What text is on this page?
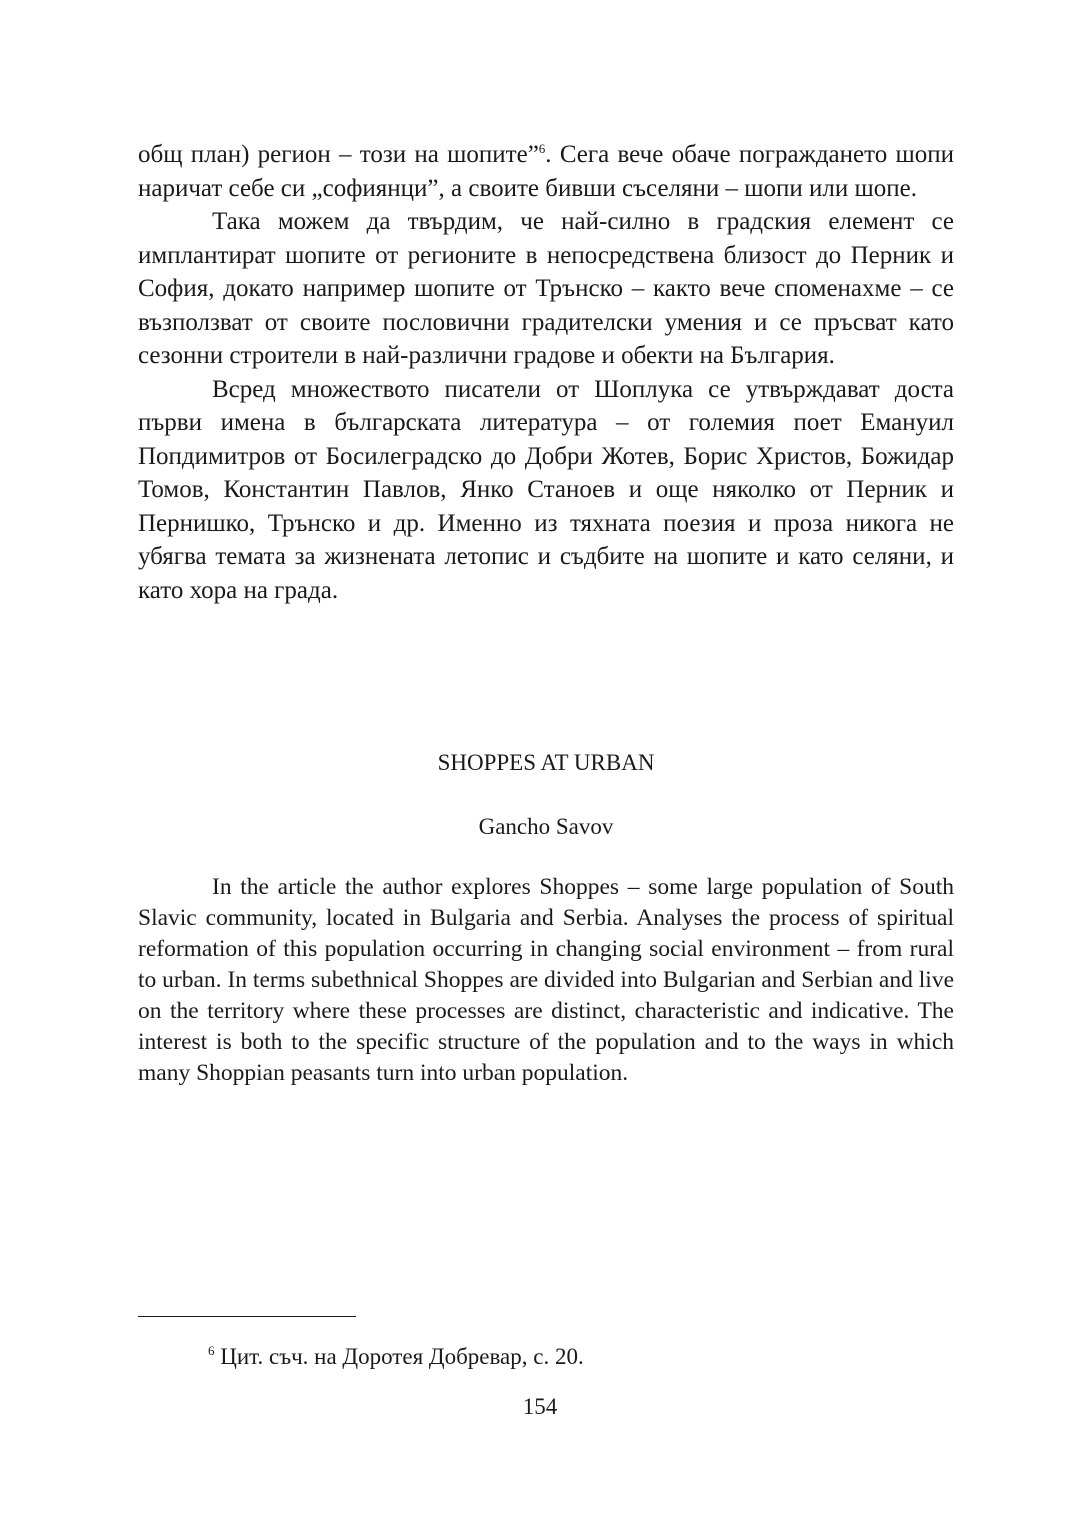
общ план) регион – този на шопите”$^6$. Сега вече обаче пограждането шопи наричат себе си „софиянци”, а своите бивши съселяни – шопи или шопе.

Така можем да твърдим, че най-силно в градския елемент се имплантират шопите от регионите в непосредствена близост до Перник и София, докато например шопите от Трънско – както вече споменахме – се възползват от своите пословични градителски умения и се пръсват като сезонни строители в най-различни градове и обекти на България.

Всред множеството писатели от Шоплука се утвърждават доста първи имена в българската литература – от големия поет Емануил Попдимитров от Босилеградско до Добри Жотев, Борис Христов, Божидар Томов, Константин Павлов, Янко Станоев и още няколко от Перник и Пернишко, Трънско и др. Именно из тяхната поезия и проза никога не убягва темата за жизнената летопис и съдбите на шопите и като селяни, и като хора на града.

SHOPPES AT URBAN

Gancho Savov

In the article the author explores Shoppes – some large population of South Slavic community, located in Bulgaria and Serbia. Analyses the process of spiritual reformation of this population occurring in changing social environment – from rural to urban. In terms subethnical Shoppes are divided into Bulgarian and Serbian and live on the territory where these processes are distinct, characteristic and indicative. The interest is both to the specific structure of the population and to the ways in which many Shoppian peasants turn into urban population.

$^6$ Цит. съч. на Доротея Добревар, с. 20.

154
